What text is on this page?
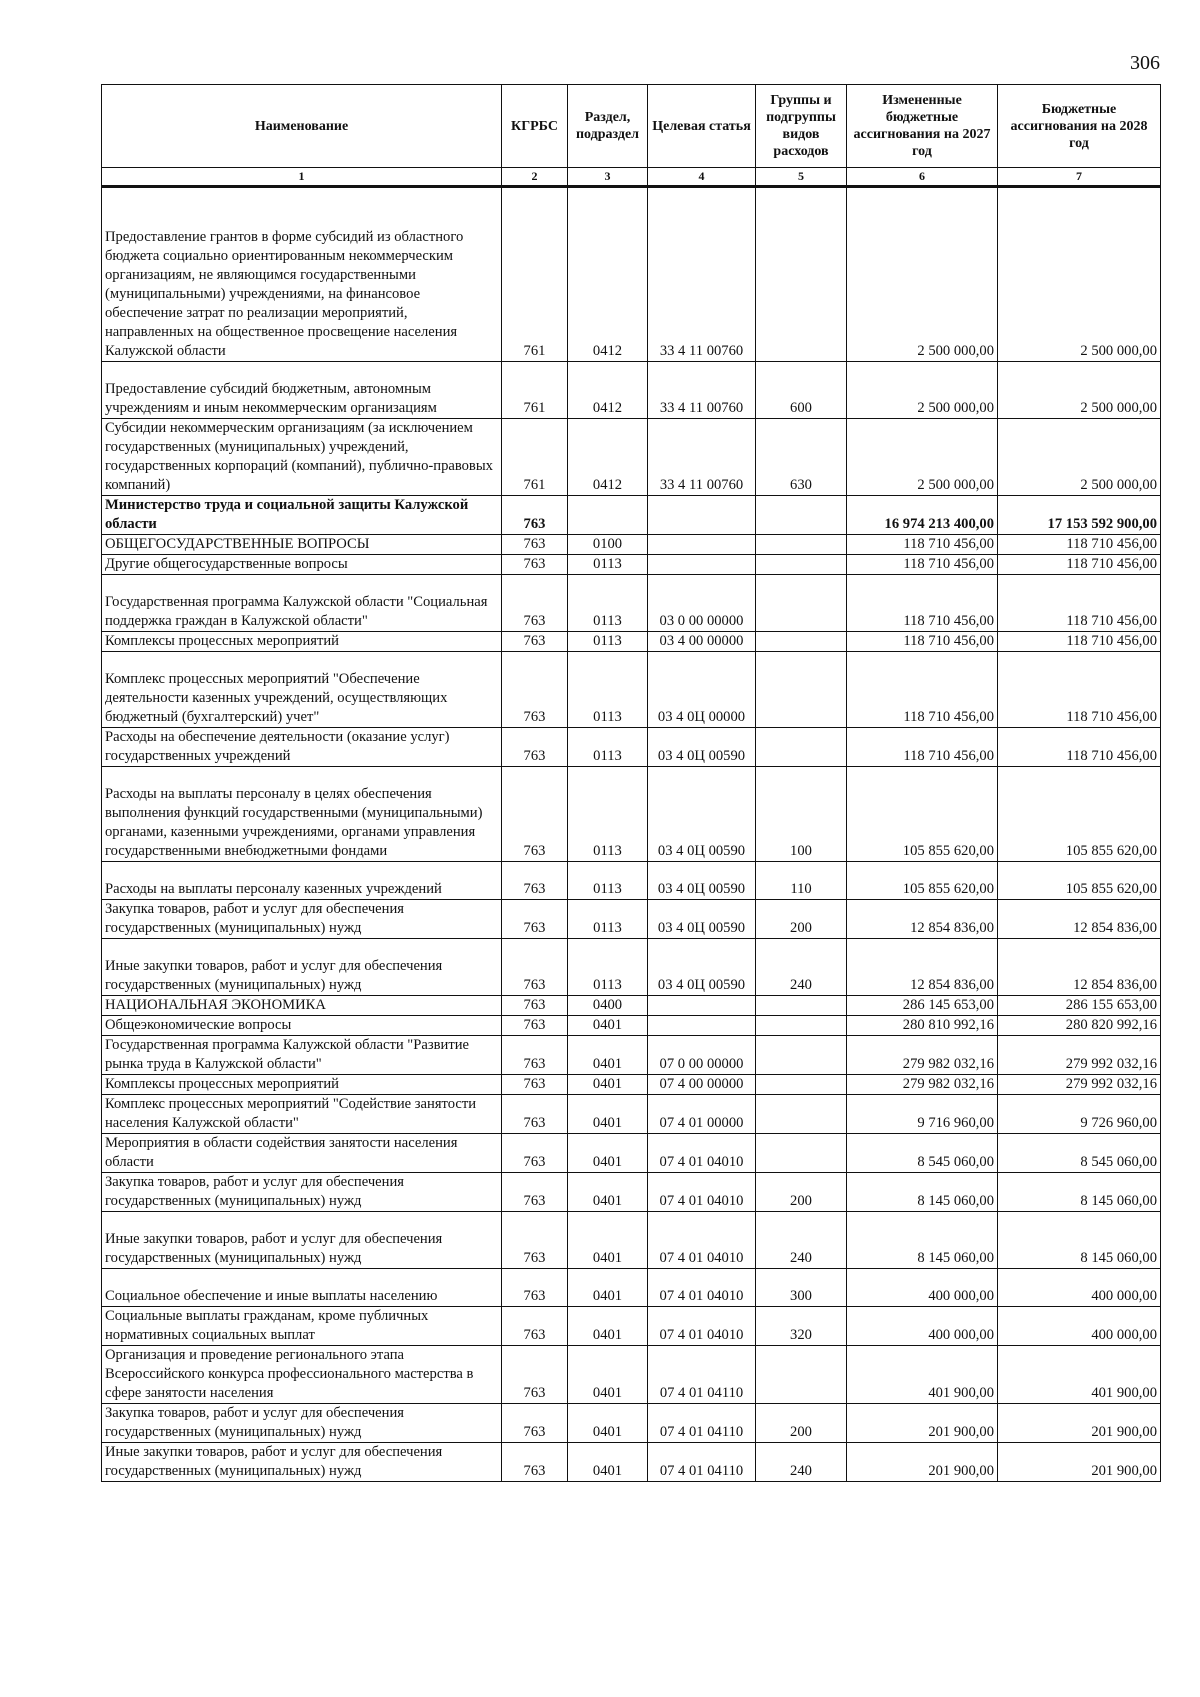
306
Наименование	КГРБС	Раздел, подраздел	Целевая статья	Группы и подгруппы видов расходов	Измененные бюджетные ассигнования на 2027 год	Бюджетные ассигнования на 2028 год
1	2	3	4	5	6	7
Предоставление грантов в форме субсидий из областного бюджета социально ориентированным некоммерческим организациям, не являющимся государственными (муниципальными) учреждениями, на финансовое обеспечение затрат по реализации мероприятий, направленных на общественное просвещение населения Калужской области	761	0412	33 4 11 00760		2 500 000,00	2 500 000,00
Предоставление субсидий бюджетным, автономным учреждениям и иным некоммерческим организациям	761	0412	33 4 11 00760	600	2 500 000,00	2 500 000,00
Субсидии некоммерческим организациям (за исключением государственных (муниципальных) учреждений, государственных корпораций (компаний), публично-правовых компаний)	761	0412	33 4 11 00760	630	2 500 000,00	2 500 000,00
Министерство труда и социальной защиты Калужской области	763				16 974 213 400,00	17 153 592 900,00
ОБЩЕГОСУДАРСТВЕННЫЕ ВОПРОСЫ	763	0100			118 710 456,00	118 710 456,00
Другие общегосударственные вопросы	763	0113			118 710 456,00	118 710 456,00
Государственная программа Калужской области "Социальная поддержка граждан в Калужской области"	763	0113	03 0 00 00000		118 710 456,00	118 710 456,00
Комплексы процессных мероприятий	763	0113	03 4 00 00000		118 710 456,00	118 710 456,00
Комплекс процессных мероприятий "Обеспечение деятельности казенных учреждений, осуществляющих бюджетный (бухгалтерский) учет"	763	0113	03 4 0Ц 00000		118 710 456,00	118 710 456,00
Расходы на обеспечение деятельности (оказание услуг) государственных учреждений	763	0113	03 4 0Ц 00590		118 710 456,00	118 710 456,00
Расходы на выплаты персоналу в целях обеспечения выполнения функций государственными (муниципальными) органами, казенными учреждениями, органами управления государственными внебюджетными фондами	763	0113	03 4 0Ц 00590	100	105 855 620,00	105 855 620,00
Расходы на выплаты персоналу казенных учреждений	763	0113	03 4 0Ц 00590	110	105 855 620,00	105 855 620,00
Закупка товаров, работ и услуг для обеспечения государственных (муниципальных) нужд	763	0113	03 4 0Ц 00590	200	12 854 836,00	12 854 836,00
Иные закупки товаров, работ и услуг для обеспечения государственных (муниципальных) нужд	763	0113	03 4 0Ц 00590	240	12 854 836,00	12 854 836,00
НАЦИОНАЛЬНАЯ ЭКОНОМИКА	763	0400			286 145 653,00	286 155 653,00
Общеэкономические вопросы	763	0401			280 810 992,16	280 820 992,16
Государственная программа Калужской области "Развитие рынка труда в Калужской области"	763	0401	07 0 00 00000		279 982 032,16	279 992 032,16
Комплексы процессных мероприятий	763	0401	07 4 00 00000		279 982 032,16	279 992 032,16
Комплекс процессных мероприятий "Содействие занятости населения Калужской области"	763	0401	07 4 01 00000		9 716 960,00	9 726 960,00
Мероприятия в области содействия занятости населения области	763	0401	07 4 01 04010		8 545 060,00	8 545 060,00
Закупка товаров, работ и услуг для обеспечения государственных (муниципальных) нужд	763	0401	07 4 01 04010	200	8 145 060,00	8 145 060,00
Иные закупки товаров, работ и услуг для обеспечения государственных (муниципальных) нужд	763	0401	07 4 01 04010	240	8 145 060,00	8 145 060,00
Социальное обеспечение и иные выплаты населению	763	0401	07 4 01 04010	300	400 000,00	400 000,00
Социальные выплаты гражданам, кроме публичных нормативных социальных выплат	763	0401	07 4 01 04010	320	400 000,00	400 000,00
Организация и проведение регионального этапа Всероссийского конкурса профессионального мастерства в сфере занятости населения	763	0401	07 4 01 04110		401 900,00	401 900,00
Закупка товаров, работ и услуг для обеспечения государственных (муниципальных) нужд	763	0401	07 4 01 04110	200	201 900,00	201 900,00
Иные закупки товаров, работ и услуг для обеспечения государственных (муниципальных) нужд	763	0401	07 4 01 04110	240	201 900,00	201 900,00
